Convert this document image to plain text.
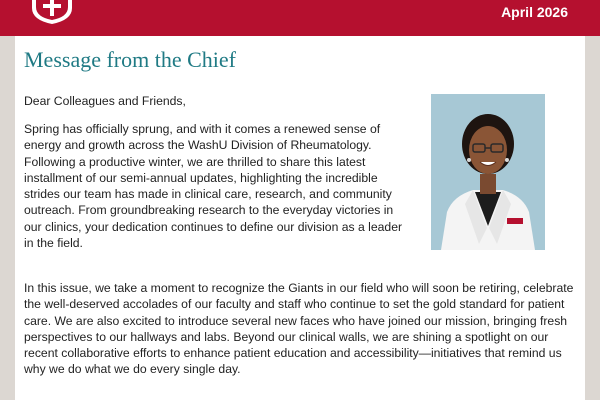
April 2026
Message from the Chief

Dear Colleagues and Friends,

Spring has officially sprung, and with it comes a renewed sense of energy and growth across the WashU Division of Rheumatology. Following a productive winter, we are thrilled to share this latest installment of our semi-annual updates, highlighting the incredible strides our team has made in clinical care, research, and community outreach. From groundbreaking research to the everyday victories in our clinics, your dedication continues to define our division as a leader in the field.

In this issue, we take a moment to recognize the Giants in our field who will soon be retiring, celebrate the well-deserved accolades of our faculty and staff who continue to set the gold standard for patient care. We are also excited to introduce several new faces who have joined our mission, bringing fresh perspectives to our hallways and labs. Beyond our clinical walls, we are shining a spotlight on our recent collaborative efforts to enhance patient education and accessibility—initiatives that remind us why we do what we do every single day.
